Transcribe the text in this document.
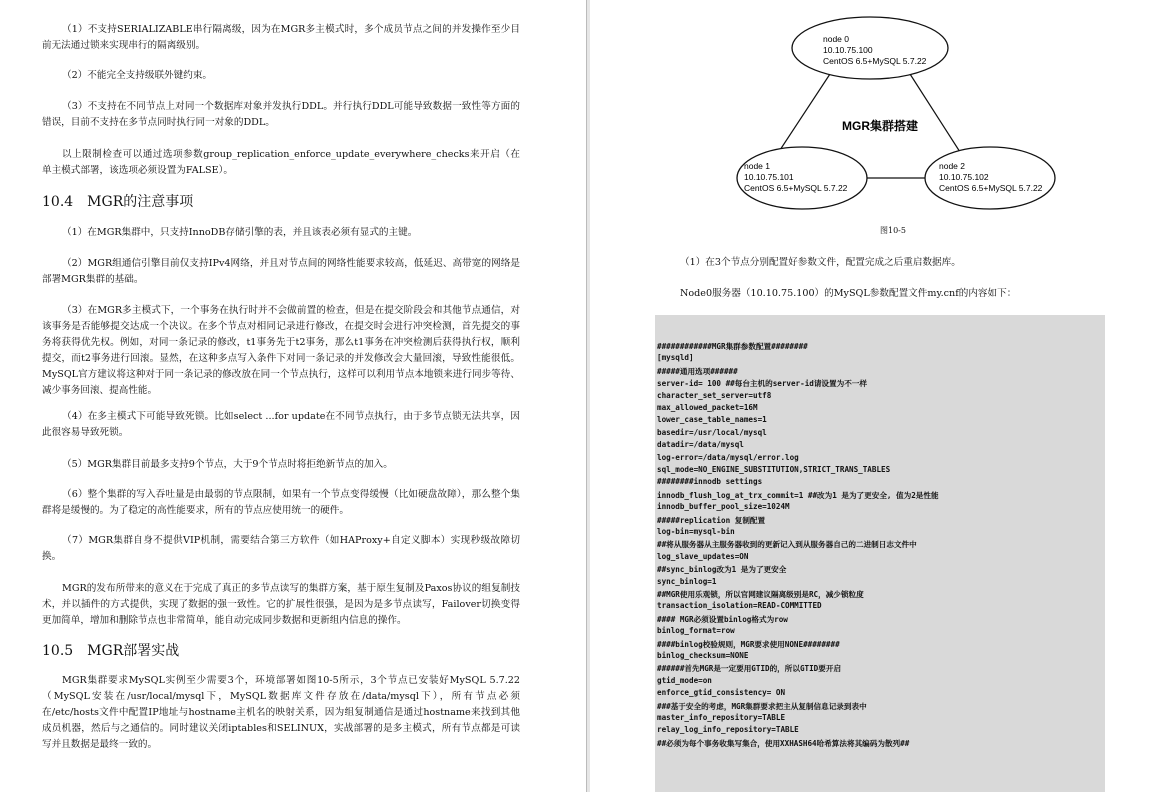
（1）不支持SERIALIZABLE串行隔离级，因为在MGR多主模式时，多个成员节点之间的并发操作至少目前无法通过锁来实现串行的隔离级别。

（2）不能完全支持级联外键约束。

（3）不支持在不同节点上对同一个数据库对象并发执行DDL。并行执行DDL可能导致数据一致性等方面的错误，目前不支持在多节点同时执行同一对象的DDL。

以上限制检查可以通过选项参数group_replication_enforce_update_everywhere_checks来开启（在单主模式部署，该选项必须设置为FALSE）。

10.4　MGR的注意事项

（1）在MGR集群中，只支持InnoDB存储引擎的表，并且该表必须有显式的主键。

（2）MGR组通信引擎目前仅支持IPv4网络，并且对节点间的网络性能要求较高，低延迟、高带宽的网络是部署MGR集群的基础。

（3）在MGR多主模式下，一个事务在执行时并不会做前置的检查，但是在提交阶段会和其他节点通信，对该事务是否能够提交达成一个决议。在多个节点对相同记录进行修改，在提交时会进行冲突检测，首先提交的事务将获得优先权。例如，对同一条记录的修改，t1事务先于t2事务，那么t1事务在冲突检测后获得执行权，顺利提交，而t2事务进行回滚。显然，在这种多点写入条件下对同一条记录的并发修改会大量回滚，导致性能很低。MySQL官方建议将这种对于同一条记录的修改放在同一个节点执行，这样可以利用节点本地锁来进行同步等待、减少事务回滚、提高性能。

（4）在多主模式下可能导致死锁。比如select ...for update在不同节点执行，由于多节点锁无法共享，因此很容易导致死锁。

（5）MGR集群目前最多支持9个节点，大于9个节点时将拒绝新节点的加入。

（6）整个集群的写入吞吐量是由最弱的节点限制，如果有一个节点变得缓慢（比如硬盘故障），那么整个集群将是缓慢的。为了稳定的高性能要求，所有的节点应使用统一的硬件。

（7）MGR集群自身不提供VIP机制，需要结合第三方软件（如HAProxy+自定义脚本）实现秒级故障切换。

MGR的发布所带来的意义在于完成了真正的多节点读写的集群方案，基于原生复制及Paxos协议的组复制技术，并以插件的方式提供，实现了数据的强一致性。它的扩展性很强，是因为是多节点读写，Failover切换变得更加简单，增加和删除节点也非常简单，能自动完成同步数据和更新组内信息的操作。

10.5　MGR部署实战

MGR集群要求MySQL实例至少需要3个，环境部署如图10-5所示，3个节点已安装好MySQL 5.7.22（MySQL安装在/usr/local/mysql下，MySQL数据库文件存放在/data/mysql下），所有节点必须在/etc/hosts文件中配置IP地址与hostname主机名的映射关系，因为组复制通信是通过hostname来找到其他成员机器，然后与之通信的。同时建议关闭iptables和SELINUX，实战部署的是多主模式，所有节点都是可读写并且数据是最终一致的。

node 0
10.10.75.100
CentOS 6.5+MySQL 5.7.22
node 1
10.10.75.101
CentOS 6.5+MySQL 5.7.22
node 2
10.10.75.102
CentOS 6.5+MySQL 5.7.22
MGR集群搭建
图10-5

（1）在3个节点分别配置好参数文件，配置完成之后重启数据库。

Node0服务器（10.10.75.100）的MySQL参数配置文件my.cnf的内容如下：

############MGR集群参数配置########
[mysqld]
#####通用选项######
server-id= 100 ##每台主机的server-id请设置为不一样
character_set_server=utf8
max_allowed_packet=16M
lower_case_table_names=1
basedir=/usr/local/mysql
datadir=/data/mysql
log-error=/data/mysql/error.log
sql_mode=NO_ENGINE_SUBSTITUTION,STRICT_TRANS_TABLES
########innodb settings
innodb_flush_log_at_trx_commit=1 ##改为1 是为了更安全, 值为2是性能
innodb_buffer_pool_size=1024M
#####replication 复制配置
log-bin=mysql-bin
##将从服务器从主服务器收到的更新记入到从服务器自己的二进制日志文件中
log_slave_updates=ON
##sync_binlog改为1 是为了更安全
sync_binlog=1
##MGR使用乐观锁，所以官网建议隔离级别是RC，减少锁粒度
transaction_isolation=READ-COMMITTED
#### MGR必须设置binlog格式为row
binlog_format=row
####binlog校验规则，MGR要求使用NONE########
binlog_checksum=NONE
######首先MGR是一定要用GTID的，所以GTID要开启
gtid_mode=on
enforce_gtid_consistency= ON
###基于安全的考虑，MGR集群要求把主从复制信息记录到表中
master_info_repository=TABLE
relay_log_info_repository=TABLE
##必须为每个事务收集写集合，使用XXHASH64哈希算法将其编码为散列##
